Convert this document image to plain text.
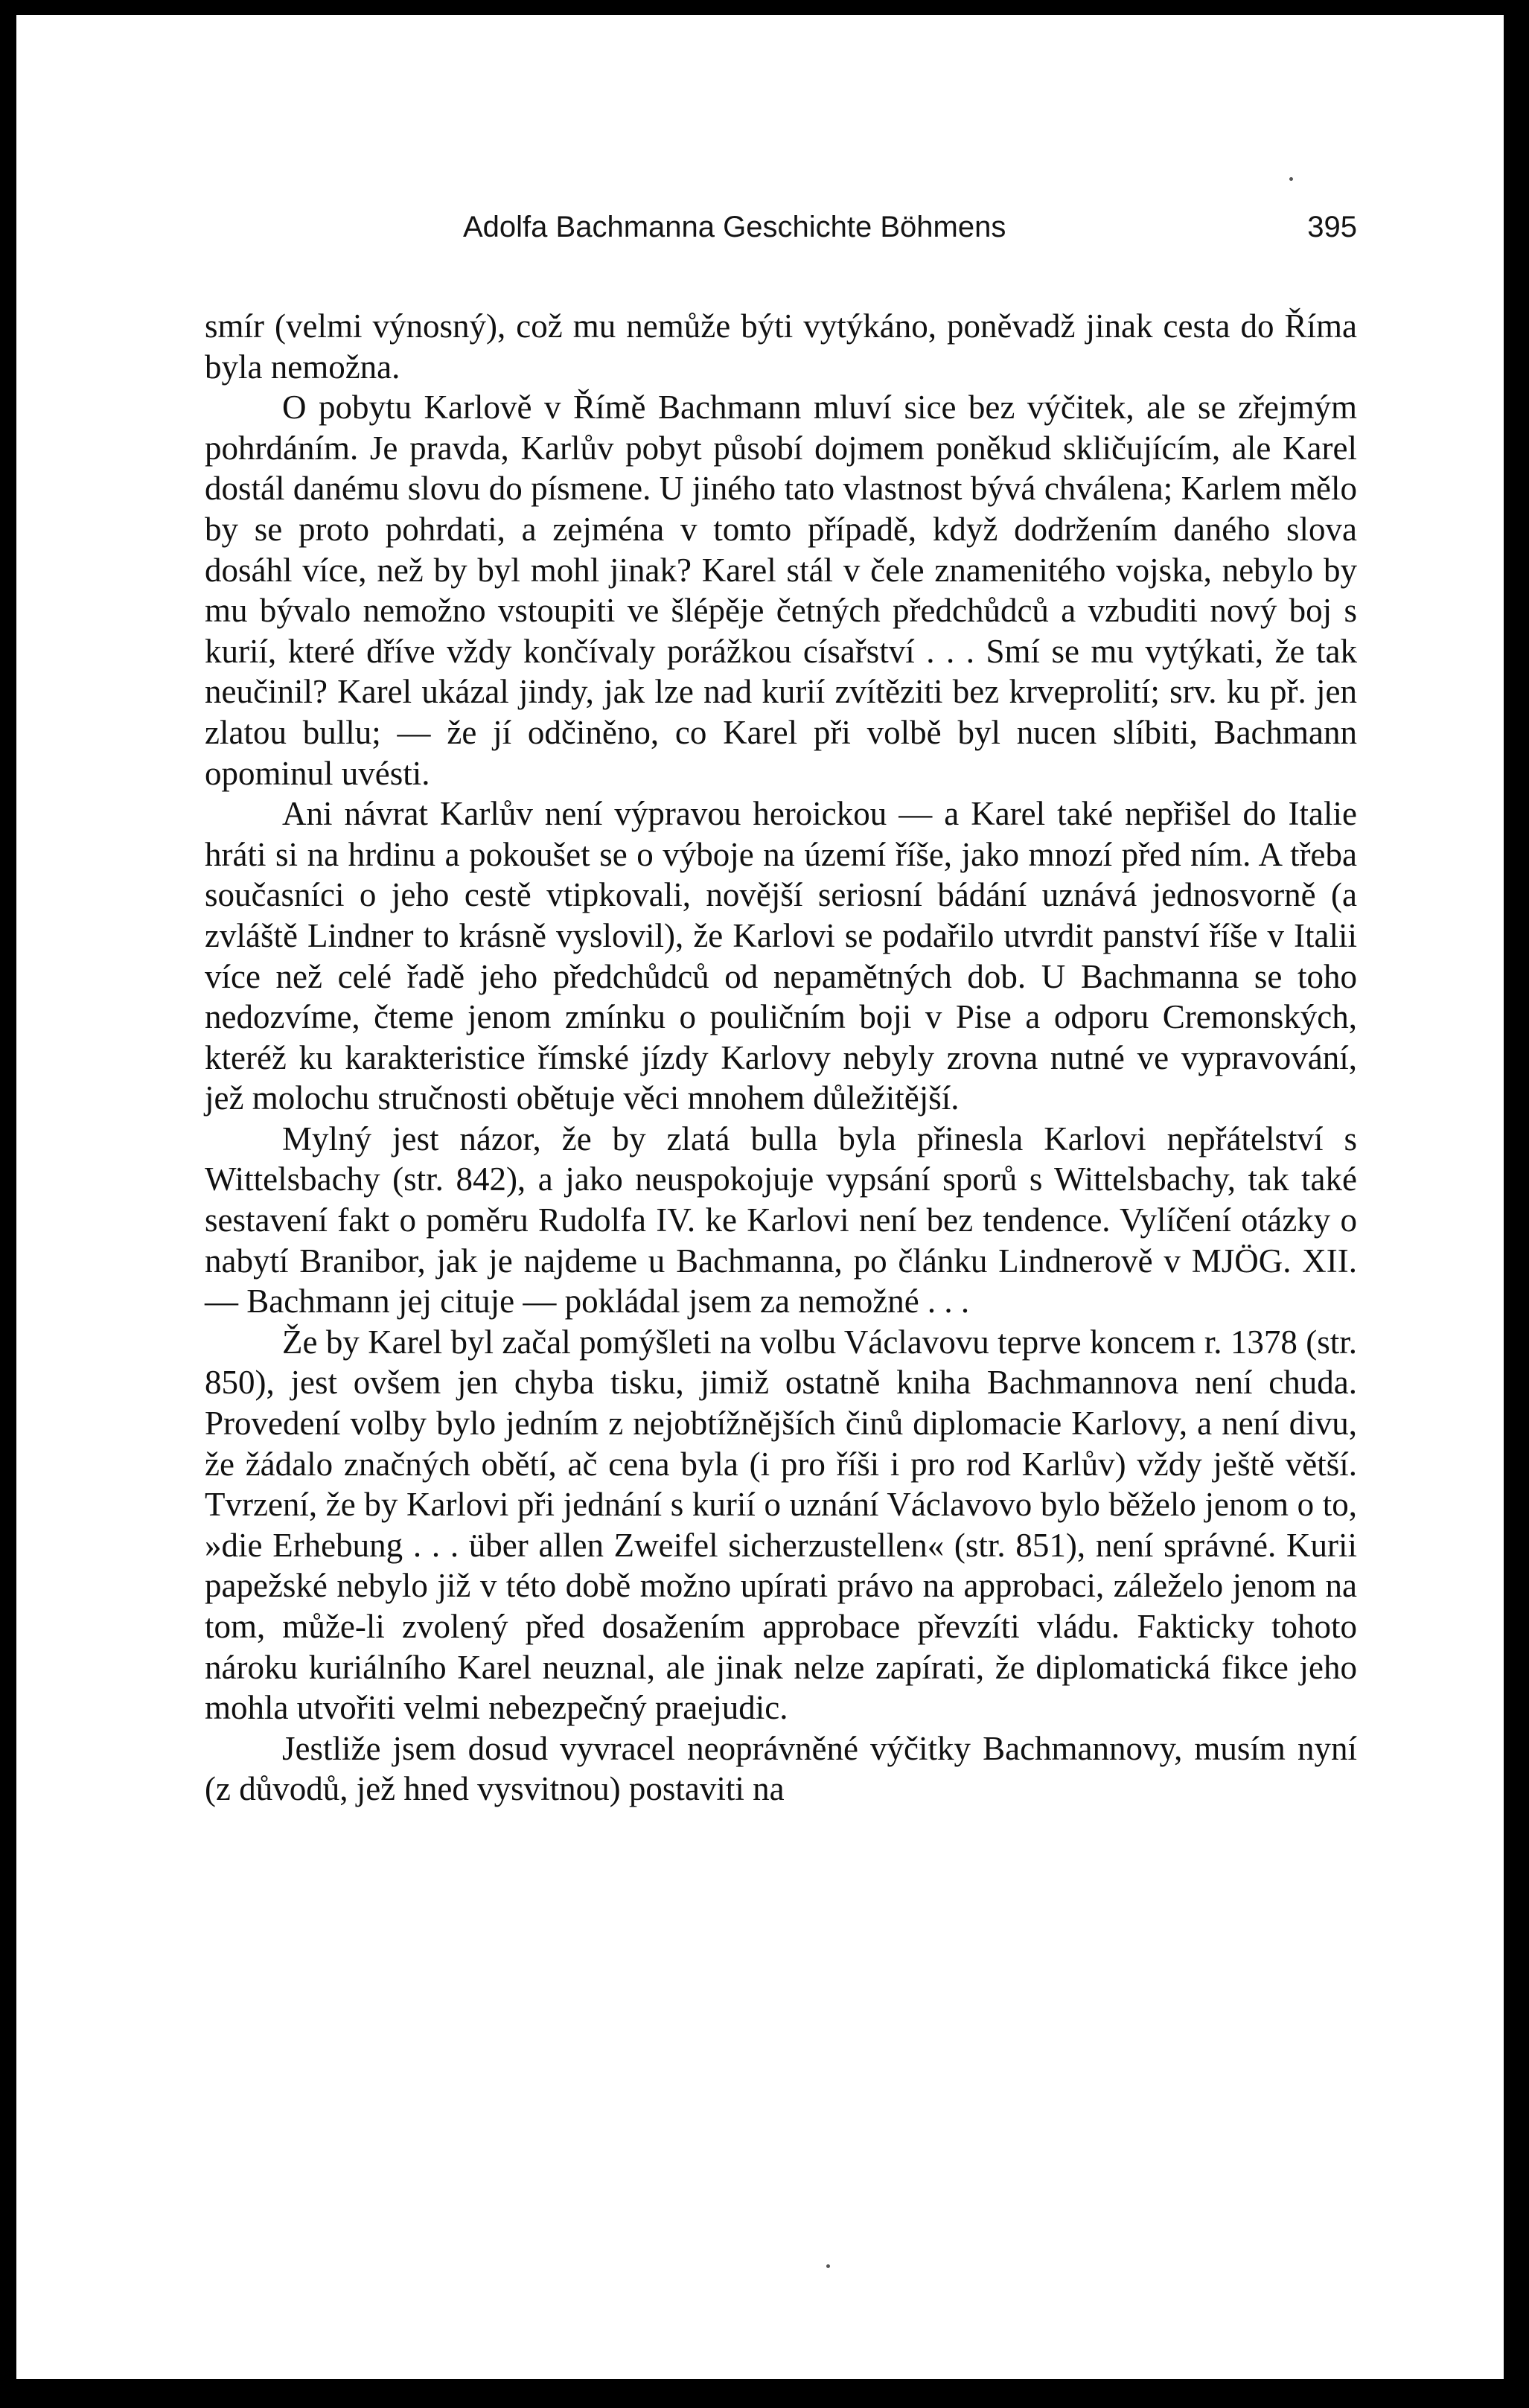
Adolfa Bachmanna Geschichte Böhmens	395

smír (velmi výnosný), což mu nemůže býti vytýkáno, poněvadž jinak cesta do Říma byla nemožna.

O pobytu Karlově v Římě Bachmann mluví sice bez výčitek, ale se zřejmým pohrdáním. Je pravda, Karlův pobyt působí dojmem poněkud skličujícím, ale Karel dostál danému slovu do písmene. U jiného tato vlastnost bývá chválena; Karlem mělo by se proto pohrdati, a zejména v tomto případě, když dodržením daného slova dosáhl více, než by byl mohl jinak? Karel stál v čele znamenitého vojska, nebylo by mu bývalo nemožno vstoupiti ve šlépěje četných předchůdců a vzbuditi nový boj s kurií, které dříve vždy končívaly porážkou císařství . . . Smí se mu vytýkati, že tak neučinil? Karel ukázal jindy, jak lze nad kurií zvítěziti bez krveprolití; srv. ku př. jen zlatou bullu; — že jí odčiněno, co Karel při volbě byl nucen slíbiti, Bachmann opominul uvésti.

Ani návrat Karlův není výpravou heroickou — a Karel také nepřišel do Italie hráti si na hrdinu a pokoušet se o výboje na území říše, jako mnozí před ním. A třeba současníci o jeho cestě vtipkovali, novější seriosní bádání uznává jednosvorně (a zvláště Lindner to krásně vyslovil), že Karlovi se podařilo utvrdit panství říše v Italii více než celé řadě jeho předchůdců od nepamětných dob. U Bachmanna se toho nedozvíme, čteme jenom zmínku o pouličním boji v Pise a odporu Cremonských, kteréž ku karakteristice římské jízdy Karlovy nebyly zrovna nutné ve vypravování, jež molochu stručnosti obětuje věci mnohem důležitější.

Mylný jest názor, že by zlatá bulla byla přinesla Karlovi nepřátelství s Wittelsbachy (str. 842), a jako neuspokojuje vypsání sporů s Wittelsbachy, tak také sestavení fakt o poměru Rudolfa IV. ke Karlovi není bez tendence. Vylíčení otázky o nabytí Branibor, jak je najdeme u Bachmanna, po článku Lindnerově v MJÖG. XII. — Bachmann jej cituje — pokládal jsem za nemožné . . .

Že by Karel byl začal pomýšleti na volbu Václavovu teprve koncem r. 1378 (str. 850), jest ovšem jen chyba tisku, jimiž ostatně kniha Bachmannova není chuda. Provedení volby bylo jedním z nejobtížnějších činů diplomacie Karlovy, a není divu, že žádalo značných obětí, ač cena byla (i pro říši i pro rod Karlův) vždy ještě větší. Tvrzení, že by Karlovi při jednání s kurií o uznání Václavovo bylo běželo jenom o to, »die Erhebung . . . über allen Zweifel sicherzustellen« (str. 851), není správné. Kurii papežské nebylo již v této době možno upírati právo na approbaci, záleželo jenom na tom, může-li zvolený před dosažením approbace převzíti vládu. Fakticky tohoto nároku kuriálního Karel neuznal, ale jinak nelze zapírati, že diplomatická fikce jeho mohla utvořiti velmi nebezpečný praejudic.

Jestliže jsem dosud vyvracel neoprávněné výčitky Bachmannovy, musím nyní (z důvodů, jež hned vysvitnou) postaviti na
